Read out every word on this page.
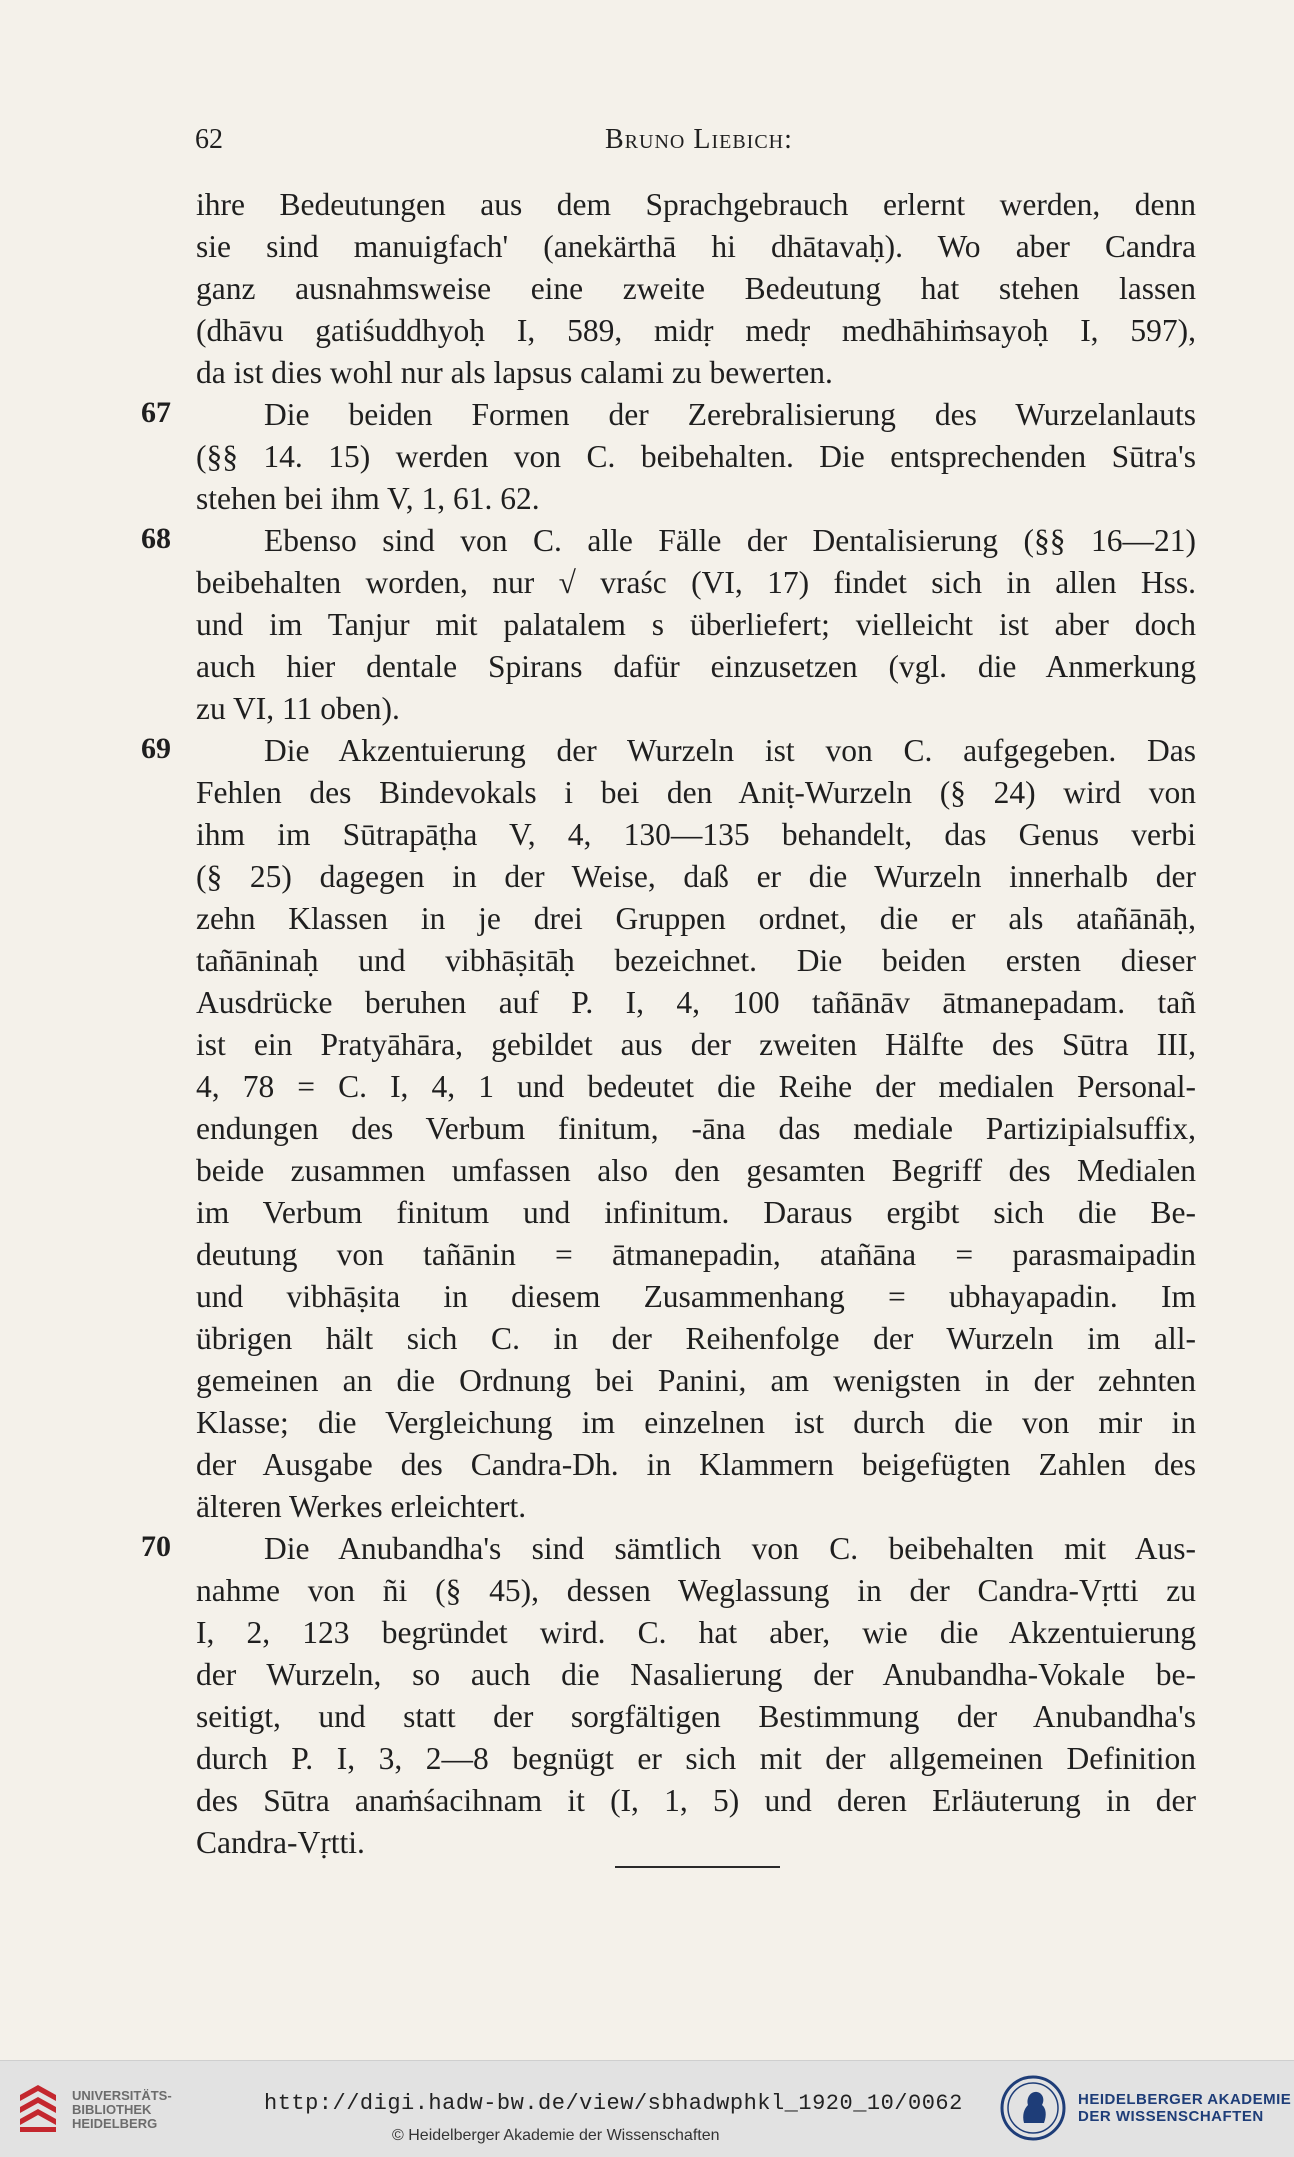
62	Bruno Liebich:
ihre Bedeutungen aus dem Sprachgebrauch erlernt werden, denn
sie sind manuigfach' (anekärthā hi dhātavaḥ). Wo aber Candra
ganz ausnahmsweise eine zweite Bedeutung hat stehen lassen
(dhāvu gatiśuddhyoḥ I, 589, midṛ medṛ medhāhiṁsayoḥ I, 597),
da ist dies wohl nur als lapsus calami zu bewerten.
Die beiden Formen der Zerebralisierung des Wurzelanlauts
(§§ 14. 15) werden von C. beibehalten. Die entsprechenden Sūtra's
stehen bei ihm V, 1, 61. 62.
Ebenso sind von C. alle Fälle der Dentalisierung (§§ 16—21)
beibehalten worden, nur √ vraśc (VI, 17) findet sich in allen Hss.
und im Tanjur mit palatalem s überliefert; vielleicht ist aber doch
auch hier dentale Spirans dafür einzusetzen (vgl. die Anmerkung
zu VI, 11 oben).
Die Akzentuierung der Wurzeln ist von C. aufgegeben. Das
Fehlen des Bindevokals i bei den Aniṭ-Wurzeln (§ 24) wird von
ihm im Sūtrapāṭha V, 4, 130—135 behandelt, das Genus verbi
(§ 25) dagegen in der Weise, daß er die Wurzeln innerhalb der
zehn Klassen in je drei Gruppen ordnet, die er als atañānāḥ,
tañāninaḥ und vibhāṣitāḥ bezeichnet. Die beiden ersten dieser
Ausdrücke beruhen auf P. I, 4, 100 tañānāv ātmanepadam. tañ
ist ein Pratyāhāra, gebildet aus der zweiten Hälfte des Sūtra III,
4, 78 = C. I, 4, 1 und bedeutet die Reihe der medialen Personal-
endungen des Verbum finitum, -āna das mediale Partizipialsuffix,
beide zusammen umfassen also den gesamten Begriff des Medialen
im Verbum finitum und infinitum. Daraus ergibt sich die Be-
deutung von tañānin = ātmanepadin, atañāna = parasmaipadin
und vibhāṣita in diesem Zusammenhang = ubhayapadin. Im
übrigen hält sich C. in der Reihenfolge der Wurzeln im all-
gemeinen an die Ordnung bei Panini, am wenigsten in der zehnten
Klasse; die Vergleichung im einzelnen ist durch die von mir in
der Ausgabe des Candra-Dh. in Klammern beigefügten Zahlen des
älteren Werkes erleichtert.
Die Anubandha's sind sämtlich von C. beibehalten mit Aus-
nahme von ñi (§ 45), dessen Weglassung in der Candra-Vṛtti zu
I, 2, 123 begründet wird. C. hat aber, wie die Akzentuierung
der Wurzeln, so auch die Nasalierung der Anubandha-Vokale be-
seitigt, und statt der sorgfältigen Bestimmung der Anubandha's
durch P. I, 3, 2—8 begnügt er sich mit der allgemeinen Definition
des Sūtra anaṁśacihnam it (I, 1, 5) und deren Erläuterung in der
Candra-Vṛtti.
67
68
69
70
UNIVERSITÄTS-
BIBLIOTHEK
HEIDELBERG
http://digi.hadw-bw.de/view/sbhadwphkl_1920_10/0062
© Heidelberger Akademie der Wissenschaften
HEIDELBERGER AKADEMIE
DER WISSENSCHAFTEN
